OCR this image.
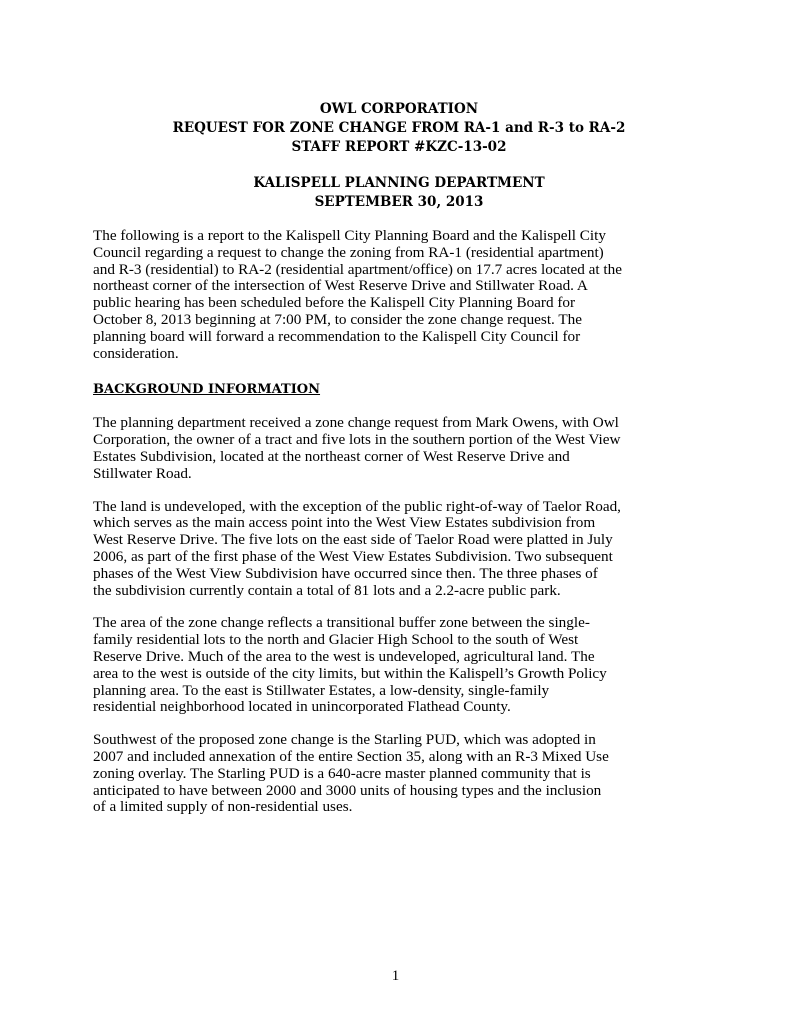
OWL CORPORATION
REQUEST FOR ZONE CHANGE FROM RA-1 and R-3 to RA-2
STAFF REPORT #KZC-13-02
KALISPELL PLANNING DEPARTMENT
SEPTEMBER 30, 2013

The following is a report to the Kalispell City Planning Board and the Kalispell City
Council regarding a request to change the zoning from RA-1 (residential apartment)
and R-3 (residential) to RA-2 (residential apartment/office) on 17.7 acres located at the
northeast corner of the intersection of West Reserve Drive and Stillwater Road. A
public hearing has been scheduled before the Kalispell City Planning Board for
October 8, 2013 beginning at 7:00 PM, to consider the zone change request. The
planning board will forward a recommendation to the Kalispell City Council for
consideration.

BACKGROUND INFORMATION

The planning department received a zone change request from Mark Owens, with Owl
Corporation, the owner of a tract and five lots in the southern portion of the West View
Estates Subdivision, located at the northeast corner of West Reserve Drive and
Stillwater Road.

The land is undeveloped, with the exception of the public right-of-way of Taelor Road,
which serves as the main access point into the West View Estates subdivision from
West Reserve Drive. The five lots on the east side of Taelor Road were platted in July
2006, as part of the first phase of the West View Estates Subdivision. Two subsequent
phases of the West View Subdivision have occurred since then. The three phases of
the subdivision currently contain a total of 81 lots and a 2.2-acre public park.

The area of the zone change reflects a transitional buffer zone between the single-
family residential lots to the north and Glacier High School to the south of West
Reserve Drive. Much of the area to the west is undeveloped, agricultural land. The
area to the west is outside of the city limits, but within the Kalispell’s Growth Policy
planning area. To the east is Stillwater Estates, a low-density, single-family
residential neighborhood located in unincorporated Flathead County.

Southwest of the proposed zone change is the Starling PUD, which was adopted in
2007 and included annexation of the entire Section 35, along with an R-3 Mixed Use
zoning overlay. The Starling PUD is a 640-acre master planned community that is
anticipated to have between 2000 and 3000 units of housing types and the inclusion
of a limited supply of non-residential uses.

1
